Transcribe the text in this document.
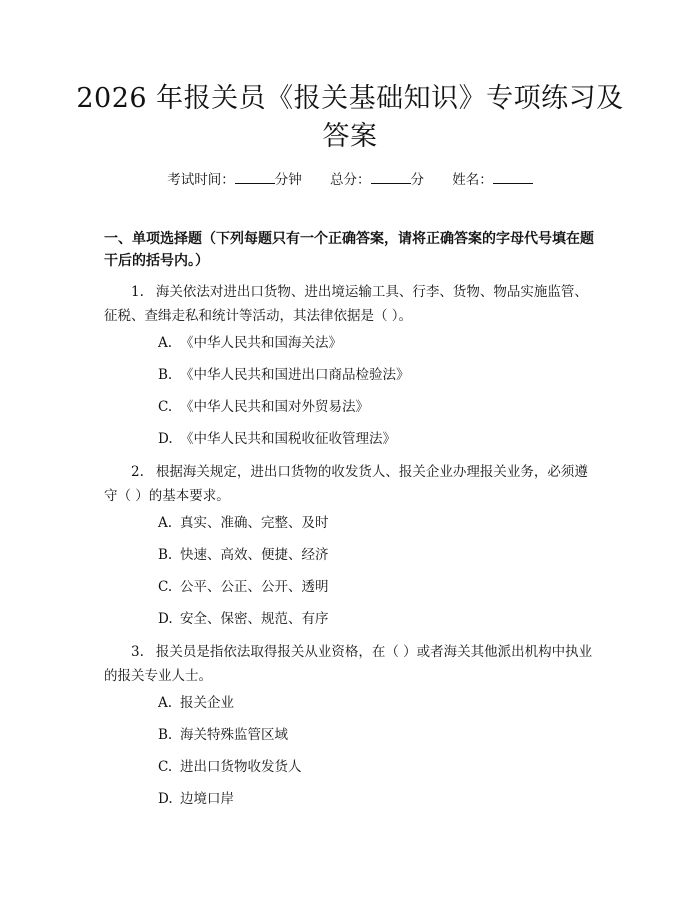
2026 年报关员《报关基础知识》专项练习及
答案
考试时间：	分钟 总分：	分 姓名：
一、单项选择题（下列每题只有一个正确答案，请将正确答案的字母代号填在题干后的括号内。）
1. 海关依法对进出口货物、进出境运输工具、行李、货物、物品实施监管、征税、查缉走私和统计等活动，其法律依据是（ ）。
A. 《中华人民共和国海关法》
B. 《中华人民共和国进出口商品检验法》
C. 《中华人民共和国对外贸易法》
D. 《中华人民共和国税收征收管理法》
2. 根据海关规定，进出口货物的收发货人、报关企业办理报关业务，必须遵守（ ）的基本要求。
A. 真实、准确、完整、及时
B. 快速、高效、便捷、经济
C. 公平、公正、公开、透明
D. 安全、保密、规范、有序
3. 报关员是指依法取得报关从业资格，在（ ）或者海关其他派出机构中执业的报关专业人士。
A. 报关企业
B. 海关特殊监管区域
C. 进出口货物收发货人
D. 边境口岸
